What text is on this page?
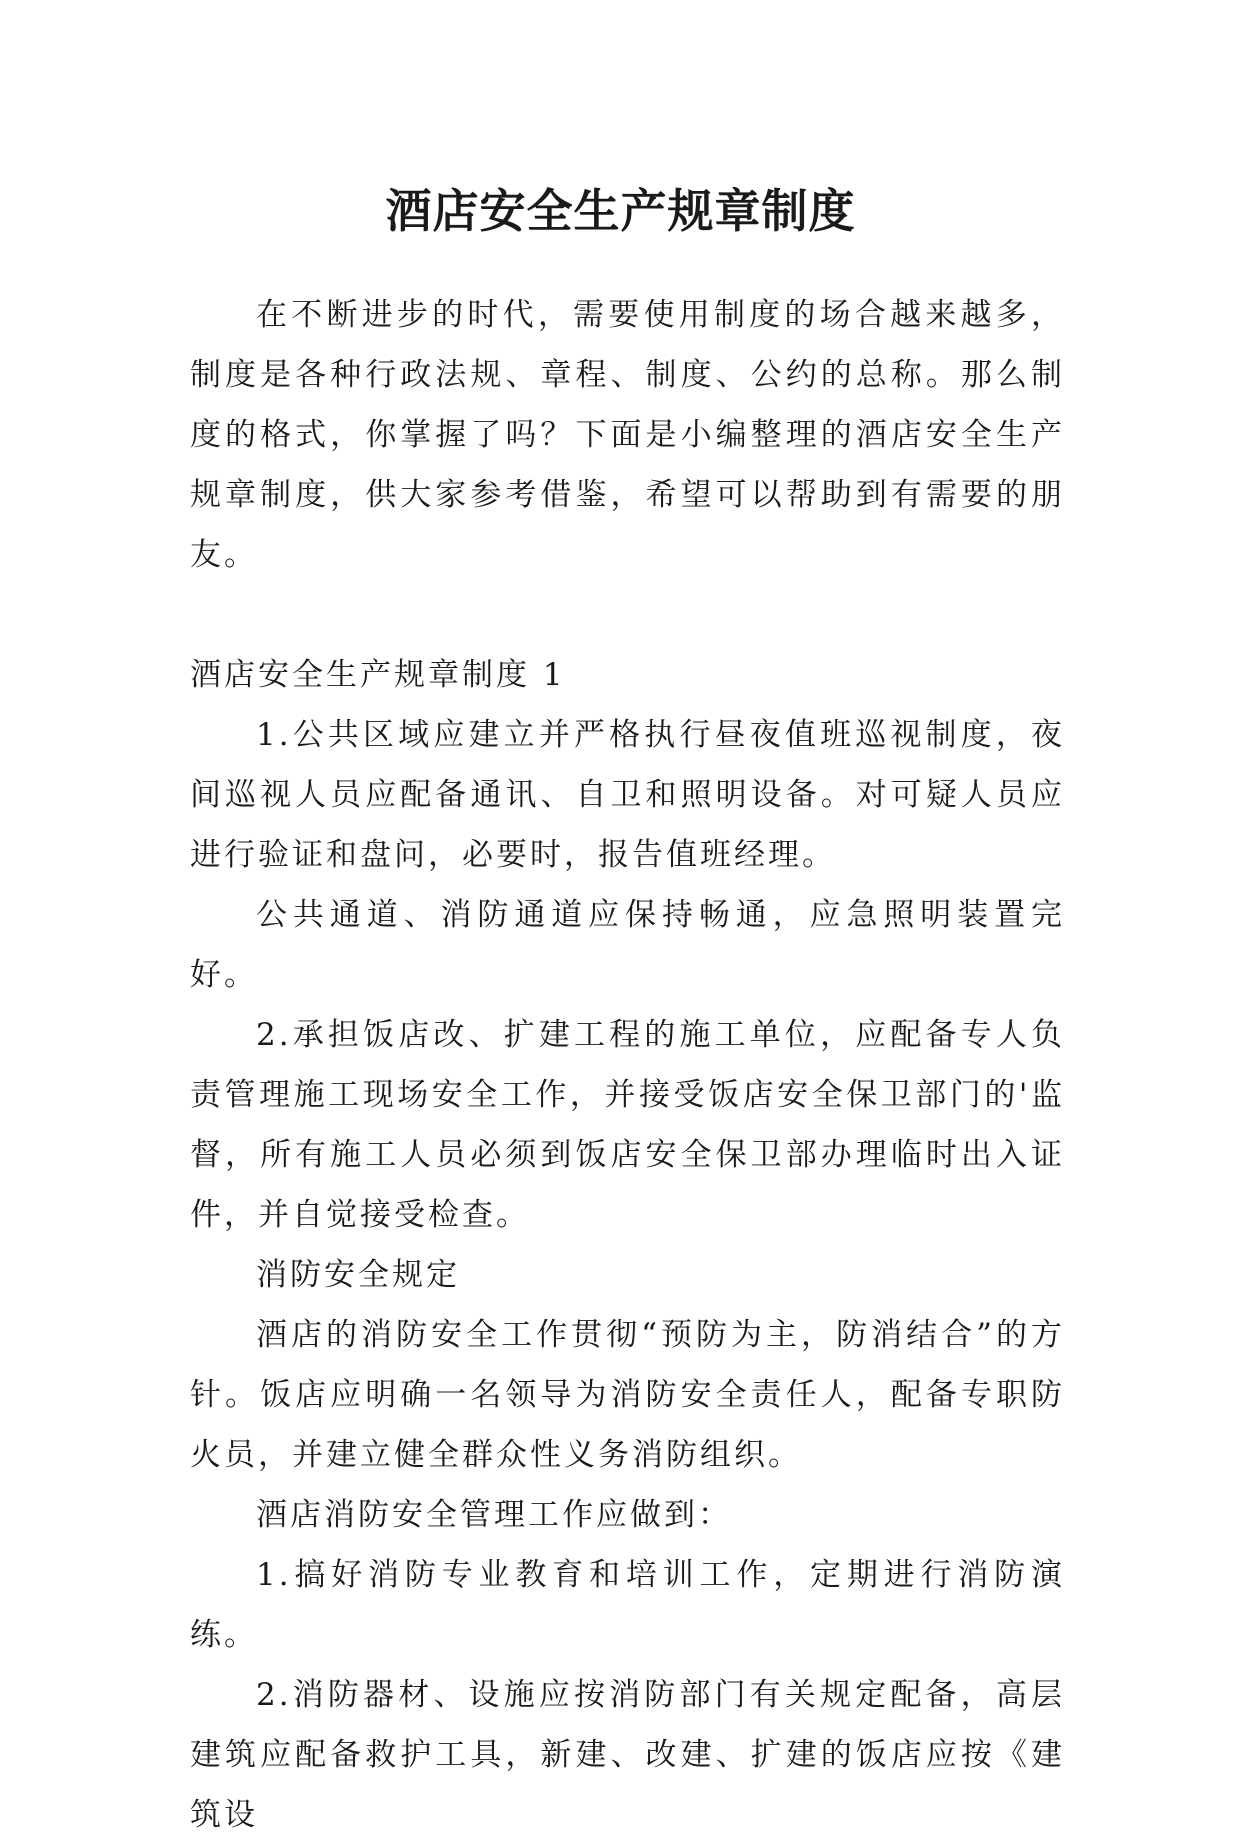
酒店安全生产规章制度

在不断进步的时代，需要使用制度的场合越来越多，制度是各种行政法规、章程、制度、公约的总称。那么制度的格式，你掌握了吗？下面是小编整理的酒店安全生产规章制度，供大家参考借鉴，希望可以帮助到有需要的朋友。

酒店安全生产规章制度 1

1.公共区域应建立并严格执行昼夜值班巡视制度，夜间巡视人员应配备通讯、自卫和照明设备。对可疑人员应进行验证和盘问，必要时，报告值班经理。

公共通道、消防通道应保持畅通，应急照明装置完好。

2.承担饭店改、扩建工程的施工单位，应配备专人负责管理施工现场安全工作，并接受饭店安全保卫部门的'监督，所有施工人员必须到饭店安全保卫部办理临时出入证件，并自觉接受检查。

消防安全规定

酒店的消防安全工作贯彻“预防为主，防消结合”的方针。饭店应明确一名领导为消防安全责任人，配备专职防火员，并建立健全群众性义务消防组织。

酒店消防安全管理工作应做到：

1.搞好消防专业教育和培训工作，定期进行消防演练。

2.消防器材、设施应按消防部门有关规定配备，高层建筑应配备救护工具，新建、改建、扩建的饭店应按《建筑设
